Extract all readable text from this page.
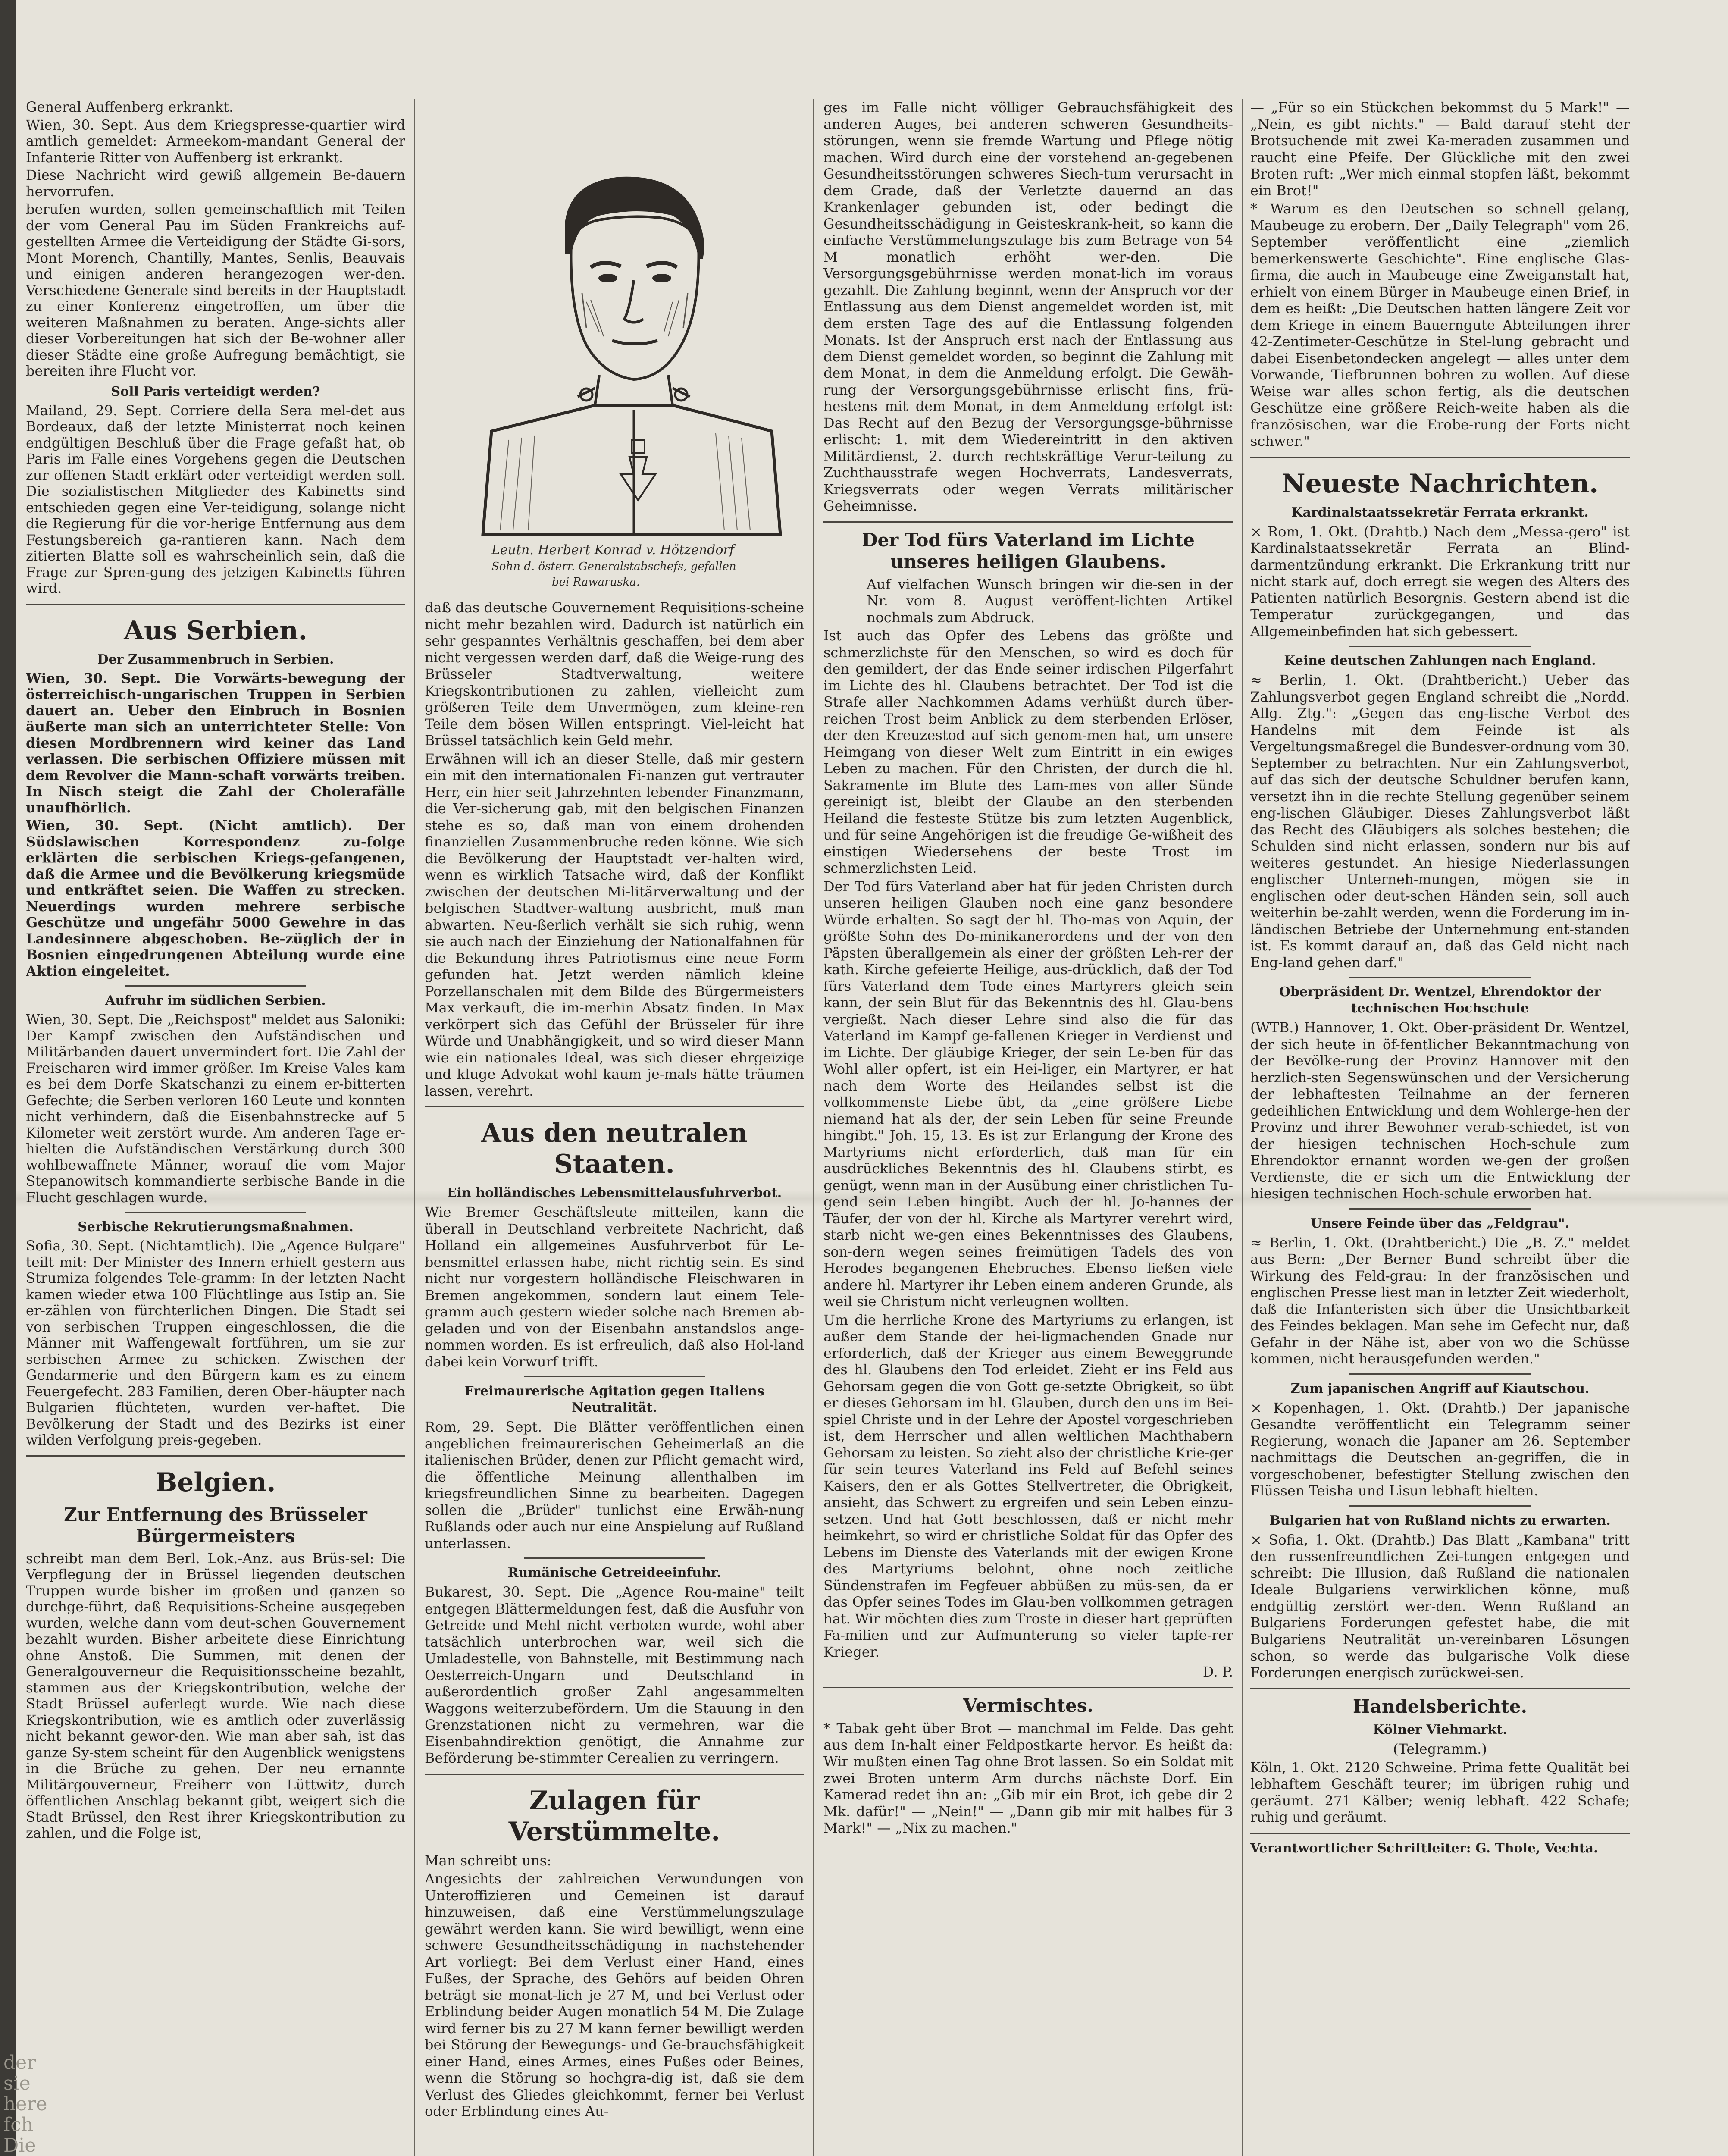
der
sie
here
fch
Die

General Auffenberg erkrankt.

Wien, 30. Sept. Aus dem Kriegspresse-quartier wird amtlich gemeldet: Armeekom-mandant General der Infanterie Ritter von Auffenberg ist erkrankt.

Diese Nachricht wird gewiß allgemein Be-dauern hervorrufen.

berufen wurden, sollen gemeinschaftlich mit Teilen der vom General Pau im Süden Frankreichs auf-gestellten Armee die Verteidigung der Städte Gi-sors, Mont Morench, Chantilly, Mantes, Senlis, Beauvais und einigen anderen herangezogen wer-den. Verschiedene Generale sind bereits in der Hauptstadt zu einer Konferenz eingetroffen, um über die weiteren Maßnahmen zu beraten. Ange-sichts aller dieser Vorbereitungen hat sich der Be-wohner aller dieser Städte eine große Aufregung bemächtigt, sie bereiten ihre Flucht vor.

Soll Paris verteidigt werden?

Mailand, 29. Sept. Corriere della Sera mel-det aus Bordeaux, daß der letzte Ministerrat noch keinen endgültigen Beschluß über die Frage gefaßt hat, ob Paris im Falle eines Vorgehens gegen die Deutschen zur offenen Stadt erklärt oder verteidigt werden soll. Die sozialistischen Mitglieder des Kabinetts sind entschieden gegen eine Ver-teidigung, solange nicht die Regierung für die vor-herige Entfernung aus dem Festungsbereich ga-rantieren kann. Nach dem zitierten Blatte soll es wahrscheinlich sein, daß die Frage zur Spren-gung des jetzigen Kabinetts führen wird.

Aus Serbien.
Der Zusammenbruch in Serbien.

Wien, 30. Sept. Die Vorwärts-bewegung der österreichisch-ungarischen Truppen in Serbien dauert an. Ueber den Einbruch in Bosnien äußerte man sich an unterrichteter Stelle: Von diesen Mordbrennern wird keiner das Land verlassen. Die serbischen Offiziere müssen mit dem Revolver die Mann-schaft vorwärts treiben. In Nisch steigt die Zahl der Cholerafälle unaufhörlich.

Wien, 30. Sept. (Nicht amtlich). Der Südslawischen Korrespondenz zu-folge erklärten die serbischen Kriegs-gefangenen, daß die Armee und die Bevölkerung kriegsmüde und entkräftet seien. Die Waffen zu strecken. Neuerdings wurden mehrere serbische Geschütze und ungefähr 5000 Gewehre in das Landesinnere abgeschoben. Be-züglich der in Bosnien eingedrungenen Abteilung wurde eine Aktion eingeleitet.

Aufruhr im südlichen Serbien.

Wien, 30. Sept. Die „Reichspost" meldet aus Saloniki: Der Kampf zwischen den Aufständischen und Militärbanden dauert unvermindert fort. Die Zahl der Freischaren wird immer größer. Im Kreise Vales kam es bei dem Dorfe Skatschanzi zu einem er-bitterten Gefechte; die Serben verloren 160 Leute und konnten nicht verhindern, daß die Eisenbahnstrecke auf 5 Kilometer weit zerstört wurde. Am anderen Tage er-hielten die Aufständischen Verstärkung durch 300 wohlbewaffnete Männer, worauf die vom Major Stepanowitsch kommandierte serbische Bande in die Flucht geschlagen wurde.

Serbische Rekrutierungsmaßnahmen.

Sofia, 30. Sept. (Nichtamtlich). Die „Agence Bulgare" teilt mit: Der Minister des Innern erhielt gestern aus Strumiza folgendes Tele-gramm: In der letzten Nacht kamen wieder etwa 100 Flüchtlinge aus Istip an. Sie er-zählen von fürchterlichen Dingen. Die Stadt sei von serbischen Truppen eingeschlossen, die die Männer mit Waffengewalt fortführen, um sie zur serbischen Armee zu schicken. Zwischen der Gendarmerie und den Bürgern kam es zu einem Feuergefecht. 283 Familien, deren Ober-häupter nach Bulgarien flüchteten, wurden ver-haftet. Die Bevölkerung der Stadt und des Bezirks ist einer wilden Verfolgung preis-gegeben.

Belgien.
Zur Entfernung des Brüsseler Bürgermeisters

schreibt man dem Berl. Lok.-Anz. aus Brüs-sel: Die Verpflegung der in Brüssel liegenden deutschen Truppen wurde bisher im großen und ganzen so durchge-führt, daß Requisitions-Scheine ausgegeben wurden, welche dann vom deut-schen Gouvernement bezahlt wurden. Bisher arbeitete diese Einrichtung ohne Anstoß. Die Summen, mit denen der Generalgouverneur die Requisitionsscheine bezahlt, stammen aus der Kriegskontribution, welche der Stadt Brüssel auferlegt wurde. Wie nach diese Kriegskontribution, wie es amtlich oder zuverlässig nicht bekannt gewor-den. Wie man aber sah, ist das ganze Sy-stem scheint für den Augenblick wenigstens in die Brüche zu gehen. Der neu ernannte Militärgouverneur, Freiherr von Lüttwitz, durch öffentlichen Anschlag bekannt gibt, weigert sich die Stadt Brüssel, den Rest ihrer Kriegskontribution zu zahlen, und die Folge ist,

Leutn. Herbert Konrad v. Hötzendorf
Sohn d. österr. Generalstabschefs, gefallen
bei Rawaruska.

daß das deutsche Gouvernement Requisitions-scheine nicht mehr bezahlen wird. Dadurch ist natürlich ein sehr gespanntes Verhältnis geschaffen, bei dem aber nicht vergessen werden darf, daß die Weige-rung des Brüsseler Stadtverwaltung, weitere Kriegskontributionen zu zahlen, vielleicht zum größeren Teile dem Unvermögen, zum kleine-ren Teile dem bösen Willen entspringt. Viel-leicht hat Brüssel tatsächlich kein Geld mehr.

Erwähnen will ich an dieser Stelle, daß mir gestern ein mit den internationalen Fi-nanzen gut vertrauter Herr, ein hier seit Jahrzehnten lebender Finanzmann, die Ver-sicherung gab, mit den belgischen Finanzen stehe es so, daß man von einem drohenden finanziellen Zusammenbruche reden könne. Wie sich die Bevölkerung der Hauptstadt ver-halten wird, wenn es wirklich Tatsache wird, daß der Konflikt zwischen der deutschen Mi-litärverwaltung und der belgischen Stadtver-waltung ausbricht, muß man abwarten. Neu-ßerlich verhält sie sich ruhig, wenn sie auch nach der Einziehung der Nationalfahnen für die Bekundung ihres Patriotismus eine neue Form gefunden hat. Jetzt werden nämlich kleine Porzellanschalen mit dem Bilde des Bürgermeisters Max verkauft, die im-merhin Absatz finden. In Max verkörpert sich das Gefühl der Brüsseler für ihre Würde und Unabhängigkeit, und so wird dieser Mann wie ein nationales Ideal, was sich dieser ehrgeizige und kluge Advokat wohl kaum je-mals hätte träumen lassen, verehrt.

Aus den neutralen Staaten.
Ein holländisches Lebensmittelausfuhrverbot.

Wie Bremer Geschäftsleute mitteilen, kann die überall in Deutschland verbreitete Nachricht, daß Holland ein allgemeines Ausfuhrverbot für Le-bensmittel erlassen habe, nicht richtig sein. Es sind nicht nur vorgestern holländische Fleischwaren in Bremen angekommen, sondern laut einem Tele-gramm auch gestern wieder solche nach Bremen ab-geladen und von der Eisenbahn anstandslos ange-nommen worden. Es ist erfreulich, daß also Hol-land dabei kein Vorwurf trifft.

Freimaurerische Agitation gegen Italiens Neutralität.

Rom, 29. Sept. Die Blätter veröffentlichen einen angeblichen freimaurerischen Geheimerlaß an die italienischen Brüder, denen zur Pflicht gemacht wird, die öffentliche Meinung allenthalben im kriegsfreundlichen Sinne zu bearbeiten. Dagegen sollen die „Brüder" tunlichst eine Erwäh-nung Rußlands oder auch nur eine Anspielung auf Rußland unterlassen.

Rumänische Getreideeinfuhr.

Bukarest, 30. Sept. Die „Agence Rou-maine" teilt entgegen Blättermeldungen fest, daß die Ausfuhr von Getreide und Mehl nicht verboten wurde, wohl aber tatsächlich unterbrochen war, weil sich die Umladestelle, von Bahnstelle, mit Bestimmung nach Oesterreich-Ungarn und Deutschland in außerordentlich großer Zahl angesammelten Waggons weiterzubefördern. Um die Stauung in den Grenzstationen nicht zu vermehren, war die Eisenbahndirektion genötigt, die Annahme zur Beförderung be-stimmter Cerealien zu verringern.

Zulagen für Verstümmelte.

Man schreibt uns:

Angesichts der zahlreichen Verwundungen von Unteroffizieren und Gemeinen ist darauf hinzuweisen, daß eine Verstümmelungszulage gewährt werden kann. Sie wird bewilligt, wenn eine schwere Gesundheitsschädigung in nachstehender Art vorliegt: Bei dem Verlust einer Hand, eines Fußes, der Sprache, des Gehörs auf beiden Ohren beträgt sie monat-lich je 27 M, und bei Verlust oder Erblindung beider Augen monatlich 54 M. Die Zulage wird ferner bis zu 27 M kann ferner bewilligt werden bei Störung der Bewegungs- und Ge-brauchsfähigkeit einer Hand, eines Armes, eines Fußes oder Beines, wenn die Störung so hochgra-dig ist, daß sie dem Verlust des Gliedes gleichkommt, ferner bei Verlust oder Erblindung eines Au-

ges im Falle nicht völliger Gebrauchsfähigkeit des anderen Auges, bei anderen schweren Gesundheits-störungen, wenn sie fremde Wartung und Pflege nötig machen. Wird durch eine der vorstehend an-gegebenen Gesundheitsstörungen schweres Siech-tum verursacht in dem Grade, daß der Verletzte dauernd an das Krankenlager gebunden ist, oder bedingt die Gesundheitsschädigung in Geisteskrank-heit, so kann die einfache Verstümmelungszulage bis zum Betrage von 54 M monatlich erhöht wer-den. Die Versorgungsgebührnisse werden monat-lich im voraus gezahlt. Die Zahlung beginnt, wenn der Anspruch vor der Entlassung aus dem Dienst angemeldet worden ist, mit dem ersten Tage des auf die Entlassung folgenden Monats. Ist der Anspruch erst nach der Entlassung aus dem Dienst gemeldet worden, so beginnt die Zahlung mit dem Monat, in dem die Anmeldung erfolgt. Die Gewäh-rung der Versorgungsgebührnisse erlischt fins, frü-hestens mit dem Monat, in dem Anmeldung erfolgt ist: Das Recht auf den Bezug der Versorgungsge-bührnisse erlischt: 1. mit dem Wiedereintritt in den aktiven Militärdienst, 2. durch rechtskräftige Verur-teilung zu Zuchthausstrafe wegen Hochverrats, Landesverrats, Kriegsverrats oder wegen Verrats militärischer Geheimnisse.

Der Tod fürs Vaterland im Lichte unseres heiligen Glaubens.

Auf vielfachen Wunsch bringen wir die-sen in der Nr. vom 8. August veröffent-lichten Artikel nochmals zum Abdruck.

Ist auch das Opfer des Lebens das größte und schmerzlichste für den Menschen, so wird es doch für den gemildert, der das Ende seiner irdischen Pilgerfahrt im Lichte des hl. Glaubens betrachtet. Der Tod ist die Strafe aller Nachkommen Adams verhüßt durch über-reichen Trost beim Anblick zu dem sterbenden Erlöser, der den Kreuzestod auf sich genom-men hat, um unsere Heimgang von dieser Welt zum Eintritt in ein ewiges Leben zu machen. Für den Christen, der durch die hl. Sakramente im Blute des Lam-mes von aller Sünde gereinigt ist, bleibt der Glaube an den sterbenden Heiland die festeste Stütze bis zum letzten Augenblick, und für seine Angehörigen ist die freudige Ge-wißheit des einstigen Wiedersehens der beste Trost im schmerzlichsten Leid.

Der Tod fürs Vaterland aber hat für jeden Christen durch unseren heiligen Glauben noch eine ganz besondere Würde erhalten. So sagt der hl. Tho-mas von Aquin, der größte Sohn des Do-minikanerordens und der von den Päpsten überallgemein als einer der größten Leh-rer der kath. Kirche gefeierte Heilige, aus-drücklich, daß der Tod fürs Vaterland dem Tode eines Martyrers gleich sein kann, der sein Blut für das Bekenntnis des hl. Glau-bens vergießt. Nach dieser Lehre sind also die für das Vaterland im Kampf ge-fallenen Krieger in Verdienst und im Lichte. Der gläubige Krieger, der sein Le-ben für das Wohl aller opfert, ist ein Hei-liger, ein Martyrer, er hat nach dem Worte des Heilandes selbst ist die vollkommenste Liebe übt, da „eine größere Liebe niemand hat als der, der sein Leben für seine Freunde hingibt." Joh. 15, 13. Es ist zur Erlangung der Krone des Martyriums nicht erforderlich, daß man für ein ausdrückliches Bekenntnis des hl. Glaubens stirbt, es genügt, wenn man in der Ausübung einer christlichen Tu-gend sein Leben hingibt. Auch der hl. Jo-hannes der Täufer, der von der hl. Kirche als Martyrer verehrt wird, starb nicht we-gen eines Bekenntnisses des Glaubens, son-dern wegen seines freimütigen Tadels des von Herodes begangenen Ehebruches. Ebenso ließen viele andere hl. Martyrer ihr Leben einem anderen Grunde, als weil sie Christum nicht verleugnen wollten.

Um die herrliche Krone des Martyriums zu erlangen, ist außer dem Stande der hei-ligmachenden Gnade nur erforderlich, daß der Krieger aus einem Beweggrunde des hl. Glaubens den Tod erleidet. Zieht er ins Feld aus Gehorsam gegen die von Gott ge-setzte Obrigkeit, so übt er dieses Gehorsam im hl. Glauben, durch den uns im Bei-spiel Christe und in der Lehre der Apostel vorgeschrieben ist, dem Herrscher und allen weltlichen Machthabern Gehorsam zu leisten. So zieht also der christliche Krie-ger für sein teures Vaterland ins Feld auf Befehl seines Kaisers, den er als Gottes Stellvertreter, die Obrigkeit, ansieht, das Schwert zu ergreifen und sein Leben einzu-setzen. Und hat Gott beschlossen, daß er nicht mehr heimkehrt, so wird er christliche Soldat für das Opfer des Lebens im Dienste des Vaterlands mit der ewigen Krone des Martyriums belohnt, ohne noch zeitliche Sündenstrafen im Fegfeuer abbüßen zu müs-sen, da er das Opfer seines Todes im Glau-ben vollkommen getragen hat. Wir möchten dies zum Troste in dieser hart geprüften Fa-milien und zur Aufmunterung so vieler tapfe-rer Krieger.

D. P.
Vermischtes.

* Tabak geht über Brot — manchmal im Felde. Das geht aus dem In-halt einer Feldpostkarte hervor. Es heißt da: Wir mußten einen Tag ohne Brot lassen. So ein Soldat mit zwei Broten unterm Arm durchs nächste Dorf. Ein Kamerad redet ihn an: „Gib mir ein Brot, ich gebe dir 2 Mk. dafür!" — „Nein!" — „Dann gib mir mit halbes für 3 Mark!" — „Nix zu machen."

— „Für so ein Stückchen bekommst du 5 Mark!" — „Nein, es gibt nichts." — Bald darauf steht der Brotsuchende mit zwei Ka-meraden zusammen und raucht eine Pfeife. Der Glückliche mit den zwei Broten ruft: „Wer mich einmal stopfen läßt, bekommt ein Brot!"

* Warum es den Deutschen so schnell gelang, Maubeuge zu erobern. Der „Daily Telegraph" vom 26. September veröffentlicht eine „ziemlich bemerkenswerte Geschichte". Eine englische Glas-firma, die auch in Maubeuge eine Zweiganstalt hat, erhielt von einem Bürger in Maubeuge einen Brief, in dem es heißt: „Die Deutschen hatten längere Zeit vor dem Kriege in einem Bauerngute Abteilungen ihrer 42-Zentimeter-Geschütze in Stel-lung gebracht und dabei Eisenbetondecken angelegt — alles unter dem Vorwande, Tiefbrunnen bohren zu wollen. Auf diese Weise war alles schon fertig, als die deutschen Geschütze eine größere Reich-weite haben als die französischen, war die Erobe-rung der Forts nicht schwer."

Neueste Nachrichten.
Kardinalstaatssekretär Ferrata erkrankt.

× Rom, 1. Okt. (Drahtb.) Nach dem „Messa-gero" ist Kardinalstaatssekretär Ferrata an Blind-darmentzündung erkrankt. Die Erkrankung tritt nur nicht stark auf, doch erregt sie wegen des Alters des Patienten natürlich Besorgnis. Gestern abend ist die Temperatur zurückgegangen, und das Allgemeinbefinden hat sich gebessert.

Keine deutschen Zahlungen nach England.

≈ Berlin, 1. Okt. (Drahtbericht.) Ueber das Zahlungsverbot gegen England schreibt die „Nordd. Allg. Ztg.": „Gegen das eng-lische Verbot des Handelns mit dem Feinde ist als Vergeltungsmaßregel die Bundesver-ordnung vom 30. September zu betrachten. Nur ein Zahlungsverbot, auf das sich der deutsche Schuldner berufen kann, versetzt ihn in die rechte Stellung gegenüber seinem eng-lischen Gläubiger. Dieses Zahlungsverbot läßt das Recht des Gläubigers als solches bestehen; die Schulden sind nicht erlassen, sondern nur bis auf weiteres gestundet. An hiesige Niederlassungen englischer Unterneh-mungen, mögen sie in englischen oder deut-schen Händen sein, soll auch weiterhin be-zahlt werden, wenn die Forderung im in-ländischen Betriebe der Unternehmung ent-standen ist. Es kommt darauf an, daß das Geld nicht nach Eng-land gehen darf."

Oberpräsident Dr. Wentzel, Ehrendoktor der technischen Hochschule

(WTB.) Hannover, 1. Okt. Ober-präsident Dr. Wentzel, der sich heute in öf-fentlicher Bekanntmachung von der Bevölke-rung der Provinz Hannover mit den herzlich-sten Segenswünschen und der Versicherung der lebhaftesten Teilnahme an der ferneren gedeihlichen Entwicklung und dem Wohlerge-hen der Provinz und ihrer Bewohner verab-schiedet, ist von der hiesigen technischen Hoch-schule zum Ehrendoktor ernannt worden we-gen der großen Verdienste, die er sich um die Entwicklung der hiesigen technischen Hoch-schule erworben hat.

Unsere Feinde über das „Feldgrau".

≈ Berlin, 1. Okt. (Drahtbericht.) Die „B. Z." meldet aus Bern: „Der Berner Bund schreibt über die Wirkung des Feld-grau: In der französischen und englischen Presse liest man in letzter Zeit wiederholt, daß die Infanteristen sich über die Unsichtbarkeit des Feindes beklagen. Man sehe im Gefecht nur, daß Gefahr in der Nähe ist, aber von wo die Schüsse kommen, nicht herausgefunden werden."

Zum japanischen Angriff auf Kiautschou.

× Kopenhagen, 1. Okt. (Drahtb.) Der japanische Gesandte veröffentlicht ein Telegramm seiner Regierung, wonach die Japaner am 26. September nachmittags die Deutschen an-gegriffen, die in vorgeschobener, befestigter Stellung zwischen den Flüssen Teisha und Lisun lebhaft hielten.

Bulgarien hat von Rußland nichts zu erwarten.

× Sofia, 1. Okt. (Drahtb.) Das Blatt „Kambana" tritt den russenfreundlichen Zei-tungen entgegen und schreibt: Die Illusion, daß Rußland die nationalen Ideale Bulgariens verwirklichen könne, muß endgültig zerstört wer-den. Wenn Rußland an Bulgariens Forderungen gefestet habe, die mit Bulgariens Neutralität un-vereinbaren Lösungen schon, so werde das bulgarische Volk diese Forderungen energisch zurückwei-sen.

Handelsberichte.
Kölner Viehmarkt.

(Telegramm.)

Köln, 1. Okt. 2120 Schweine. Prima fette Qualität bei lebhaftem Geschäft teurer; im übrigen ruhig und geräumt. 271 Kälber; wenig lebhaft. 422 Schafe; ruhig und geräumt.

Verantwortlicher Schriftleiter: G. Thole, Vechta.
